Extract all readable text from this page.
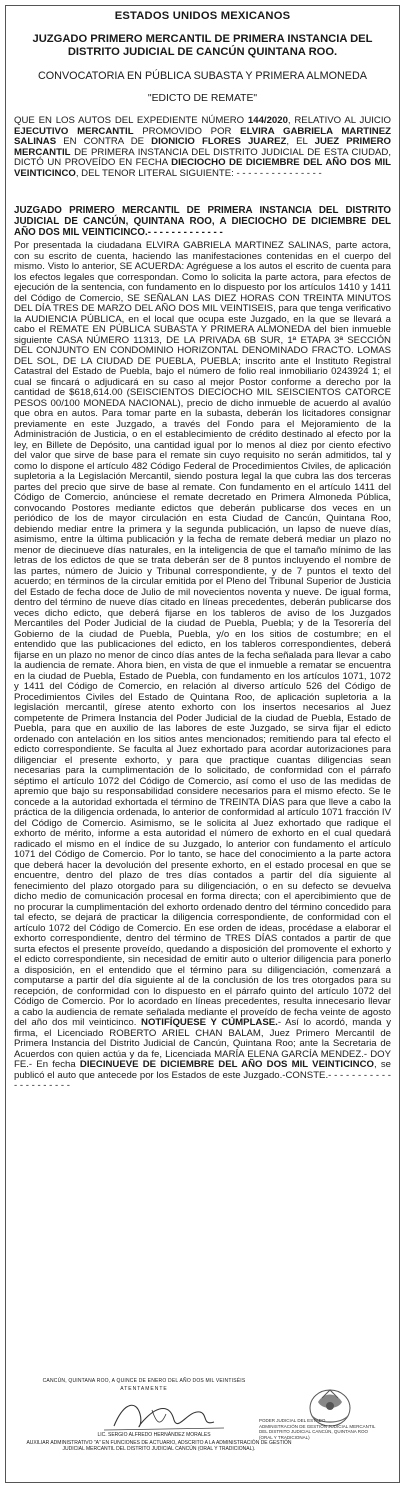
ESTADOS UNIDOS MEXICANOS
JUZGADO PRIMERO MERCANTIL DE PRIMERA INSTANCIA DEL
DISTRITO JUDICIAL DE CANCÚN QUINTANA ROO.
CONVOCATORIA EN PÚBLICA SUBASTA Y PRIMERA ALMONEDA
"EDICTO DE REMATE"
QUE EN LOS AUTOS DEL EXPEDIENTE NÚMERO 144/2020, RELATIVO AL JUICIO EJECUTIVO MERCANTIL PROMOVIDO POR ELVIRA GABRIELA MARTINEZ SALINAS EN CONTRA DE DIONICIO FLORES JUAREZ, EL JUEZ PRIMERO MERCANTIL DE PRIMERA INSTANCIA DEL DISTRITO JUDICIAL DE ESTA CIUDAD, DICTÓ UN PROVEÍDO EN FECHA DIECIOCHO DE DICIEMBRE DEL AÑO DOS MIL VEINTICINCO, DEL TENOR LITERAL SIGUIENTE: - - - - - - - - - - - - - - -
JUZGADO PRIMERO MERCANTIL DE PRIMERA INSTANCIA DEL DISTRITO JUDICIAL DE CANCÚN, QUINTANA ROO, A DIECIOCHO DE DICIEMBRE DEL AÑO DOS MIL VEINTICINCO.- - - - - - - - - - - - -
Por presentada la ciudadana ELVIRA GABRIELA MARTINEZ SALINAS, parte actora, con su escrito de cuenta, haciendo las manifestaciones contenidas en el cuerpo del mismo. Visto lo anterior, SE ACUERDA: Agréguese a los autos el escrito de cuenta para los efectos legales que correspondan. Como lo solicita la parte actora, para efectos de ejecución de la sentencia, con fundamento en lo dispuesto por los artículos 1410 y 1411 del Código de Comercio, SE SEÑALAN LAS DIEZ HORAS CON TREINTA MINUTOS DEL DÍA TRES DE MARZO DEL AÑO DOS MIL VEINTISEIS, para que tenga verificativo la AUDIENCIA PÚBLICA, en el local que ocupa este Juzgado, en la que se llevará a cabo el REMATE EN PÚBLICA SUBASTA Y PRIMERA ALMONEDA del bien inmueble siguiente CASA NÚMERO 11313, DE LA PRIVADA 6B SUR, 1ª ETAPA 3ª SECCIÓN DEL CONJUNTO EN CONDOMINIO HORIZONTAL DENOMINADO FRACTO. LOMAS DEL SOL, DE LA CIUDAD DE PUEBLA, PUEBLA; inscrito ante el Instituto Registral Catastral del Estado de Puebla, bajo el número de folio real inmobiliario 0243924 1; el cual se fincará o adjudicará en su caso al mejor Postor conforme a derecho por la cantidad de $618,614.00 (SEISCIENTOS DIECIOCHO MIL SEISCIENTOS CATORCE PESOS 00/100 MONEDA NACIONAL), precio de dicho inmueble de acuerdo al avalúo que obra en autos. Para tomar parte en la subasta, deberán los licitadores consignar previamente en este Juzgado, a través del Fondo para el Mejoramiento de la Administración de Justicia, o en el establecimiento de crédito destinado al efecto por la ley, en Billete de Depósito, una cantidad igual por lo menos al diez por ciento efectivo del valor que sirve de base para el remate sin cuyo requisito no serán admitidos, tal y como lo dispone el artículo 482 Código Federal de Procedimientos Civiles, de aplicación supletoria a la Legislación Mercantil, siendo postura legal la que cubra las dos terceras partes del precio que sirve de base al remate. Con fundamento en el artículo 1411 del Código de Comercio, anúnciese el remate decretado en Primera Almoneda Pública, convocando Postores mediante edictos que deberán publicarse dos veces en un periódico de los de mayor circulación en esta Ciudad de Cancún, Quintana Roo, debiendo mediar entre la primera y la segunda publicación, un lapso de nueve días, asimismo, entre la última publicación y la fecha de remate deberá mediar un plazo no menor de diecinueve días naturales, en la inteligencia de que el tamaño mínimo de las letras de los edictos de que se trata deberán ser de 8 puntos incluyendo el nombre de las partes, número de Juicio y Tribunal correspondiente, y de 7 puntos el texto del acuerdo; en términos de la circular emitida por el Pleno del Tribunal Superior de Justicia del Estado de fecha doce de Julio de mil novecientos noventa y nueve. De igual forma, dentro del término de nueve días citado en líneas precedentes, deberán publicarse dos veces dicho edicto, que deberá fijarse en los tableros de aviso de los Juzgados Mercantiles del Poder Judicial de la ciudad de Puebla, Puebla; y de la Tesorería del Gobierno de la ciudad de Puebla, Puebla, y/o en los sitios de costumbre; en el entendido que las publicaciones del edicto, en los tableros correspondientes, deberá fijarse en un plazo no menor de cinco días antes de la fecha señalada para llevar a cabo la audiencia de remate. Ahora bien, en vista de que el inmueble a rematar se encuentra en la ciudad de Puebla, Estado de Puebla, con fundamento en los artículos 1071, 1072 y 1411 del Código de Comercio, en relación al diverso artículo 526 del Código de Procedimientos Civiles del Estado de Quintana Roo, de aplicación supletoria a la legislación mercantil, gírese atento exhorto con los insertos necesarios al Juez competente de Primera Instancia del Poder Judicial de la ciudad de Puebla, Estado de Puebla, para que en auxilio de las labores de este Juzgado, se sirva fijar el edicto ordenado con antelación en los sitios antes mencionados; remitiendo para tal efecto el edicto correspondiente. Se faculta al Juez exhortado para acordar autorizaciones para diligenciar el presente exhorto, y para que practique cuantas diligencias sean necesarias para la cumplimentación de lo solicitado, de conformidad con el párrafo séptimo el artículo 1072 del Código de Comercio, así como el uso de las medidas de apremio que bajo su responsabilidad considere necesarios para el mismo efecto. Se le concede a la autoridad exhortada el término de TREINTA DÍAS para que lleve a cabo la práctica de la diligencia ordenada, lo anterior de conformidad al artículo 1071 fracción IV del Código de Comercio. Asimismo, se le solicita al Juez exhortado que radique el exhorto de mérito, informe a esta autoridad el número de exhorto en el cual quedará radicado el mismo en el índice de su Juzgado, lo anterior con fundamento el artículo 1071 del Código de Comercio. Por lo tanto, se hace del conocimiento a la parte actora que deberá hacer la devolución del presente exhorto, en el estado procesal en que se encuentre, dentro del plazo de tres días contados a partir del día siguiente al fenecimiento del plazo otorgado para su diligenciación, o en su defecto se devuelva dicho medio de comunicación procesal en forma directa; con el apercibimiento que de no procurar la cumplimentación del exhorto ordenado dentro del término concedido para tal efecto, se dejará de practicar la diligencia correspondiente, de conformidad con el artículo 1072 del Código de Comercio. En ese orden de ideas, procédase a elaborar el exhorto correspondiente, dentro del término de TRES DÍAS contados a partir de que surta efectos el presente proveído, quedando a disposición del promovente el exhorto y el edicto correspondiente, sin necesidad de emitir auto o ulterior diligencia para ponerlo a disposición, en el entendido que el término para su diligenciación, comenzará a computarse a partir del día siguiente al de la conclusión de los tres otorgados para su recepción, de conformidad con lo dispuesto en el párrafo quinto del artículo 1072 del Código de Comercio. Por lo acordado en líneas precedentes, resulta innecesario llevar a cabo la audiencia de remate señalada mediante el proveído de fecha veinte de agosto del año dos mil veinticinco. NOTIFÍQUESE Y CÚMPLASE.- Así lo acordó, manda y firma, el Licenciado ROBERTO ARIEL CHAN BALAM, Juez Primero Mercantil de Primera Instancia del Distrito Judicial de Cancún, Quintana Roo; ante la Secretaria de Acuerdos con quien actúa y da fe, Licenciada MARÍA ELENA GARCÍA MENDEZ.- DOY FE.- En fecha DIECINUEVE DE DICIEMBRE DEL AÑO DOS MIL VEINTICINCO, se publicó el auto que antecede por los Estados de este Juzgado.-CONSTE.- - - - - - - - - - - - - - - - - - - - -
CANCÚN, QUINTANA ROO, A QUINCE DE ENERO DEL AÑO DOS MIL VEINTISÉIS
ATENTAMENTE
LIC. SERGIO ALFREDO HERNÁNDEZ MORALES
AUXILIAR ADMINISTRATIVO "A" EN FUNCIONES DE ACTUARIO, ADSCRITO A LA ADMINISTRACIÓN DE GESTIÓN
JUDICIAL MERCANTIL DEL DISTRITO JUDICIAL CANCÚN (ORAL Y TRADICIONAL).
PODER JUDICIAL DEL ESTADO
ADMINISTRACIÓN DE GESTIÓN JUDICIAL MERCANTIL
DEL DISTRITO JUDICIAL CANCÚN, QUINTANA ROO
(ORAL Y TRADICIONAL)
